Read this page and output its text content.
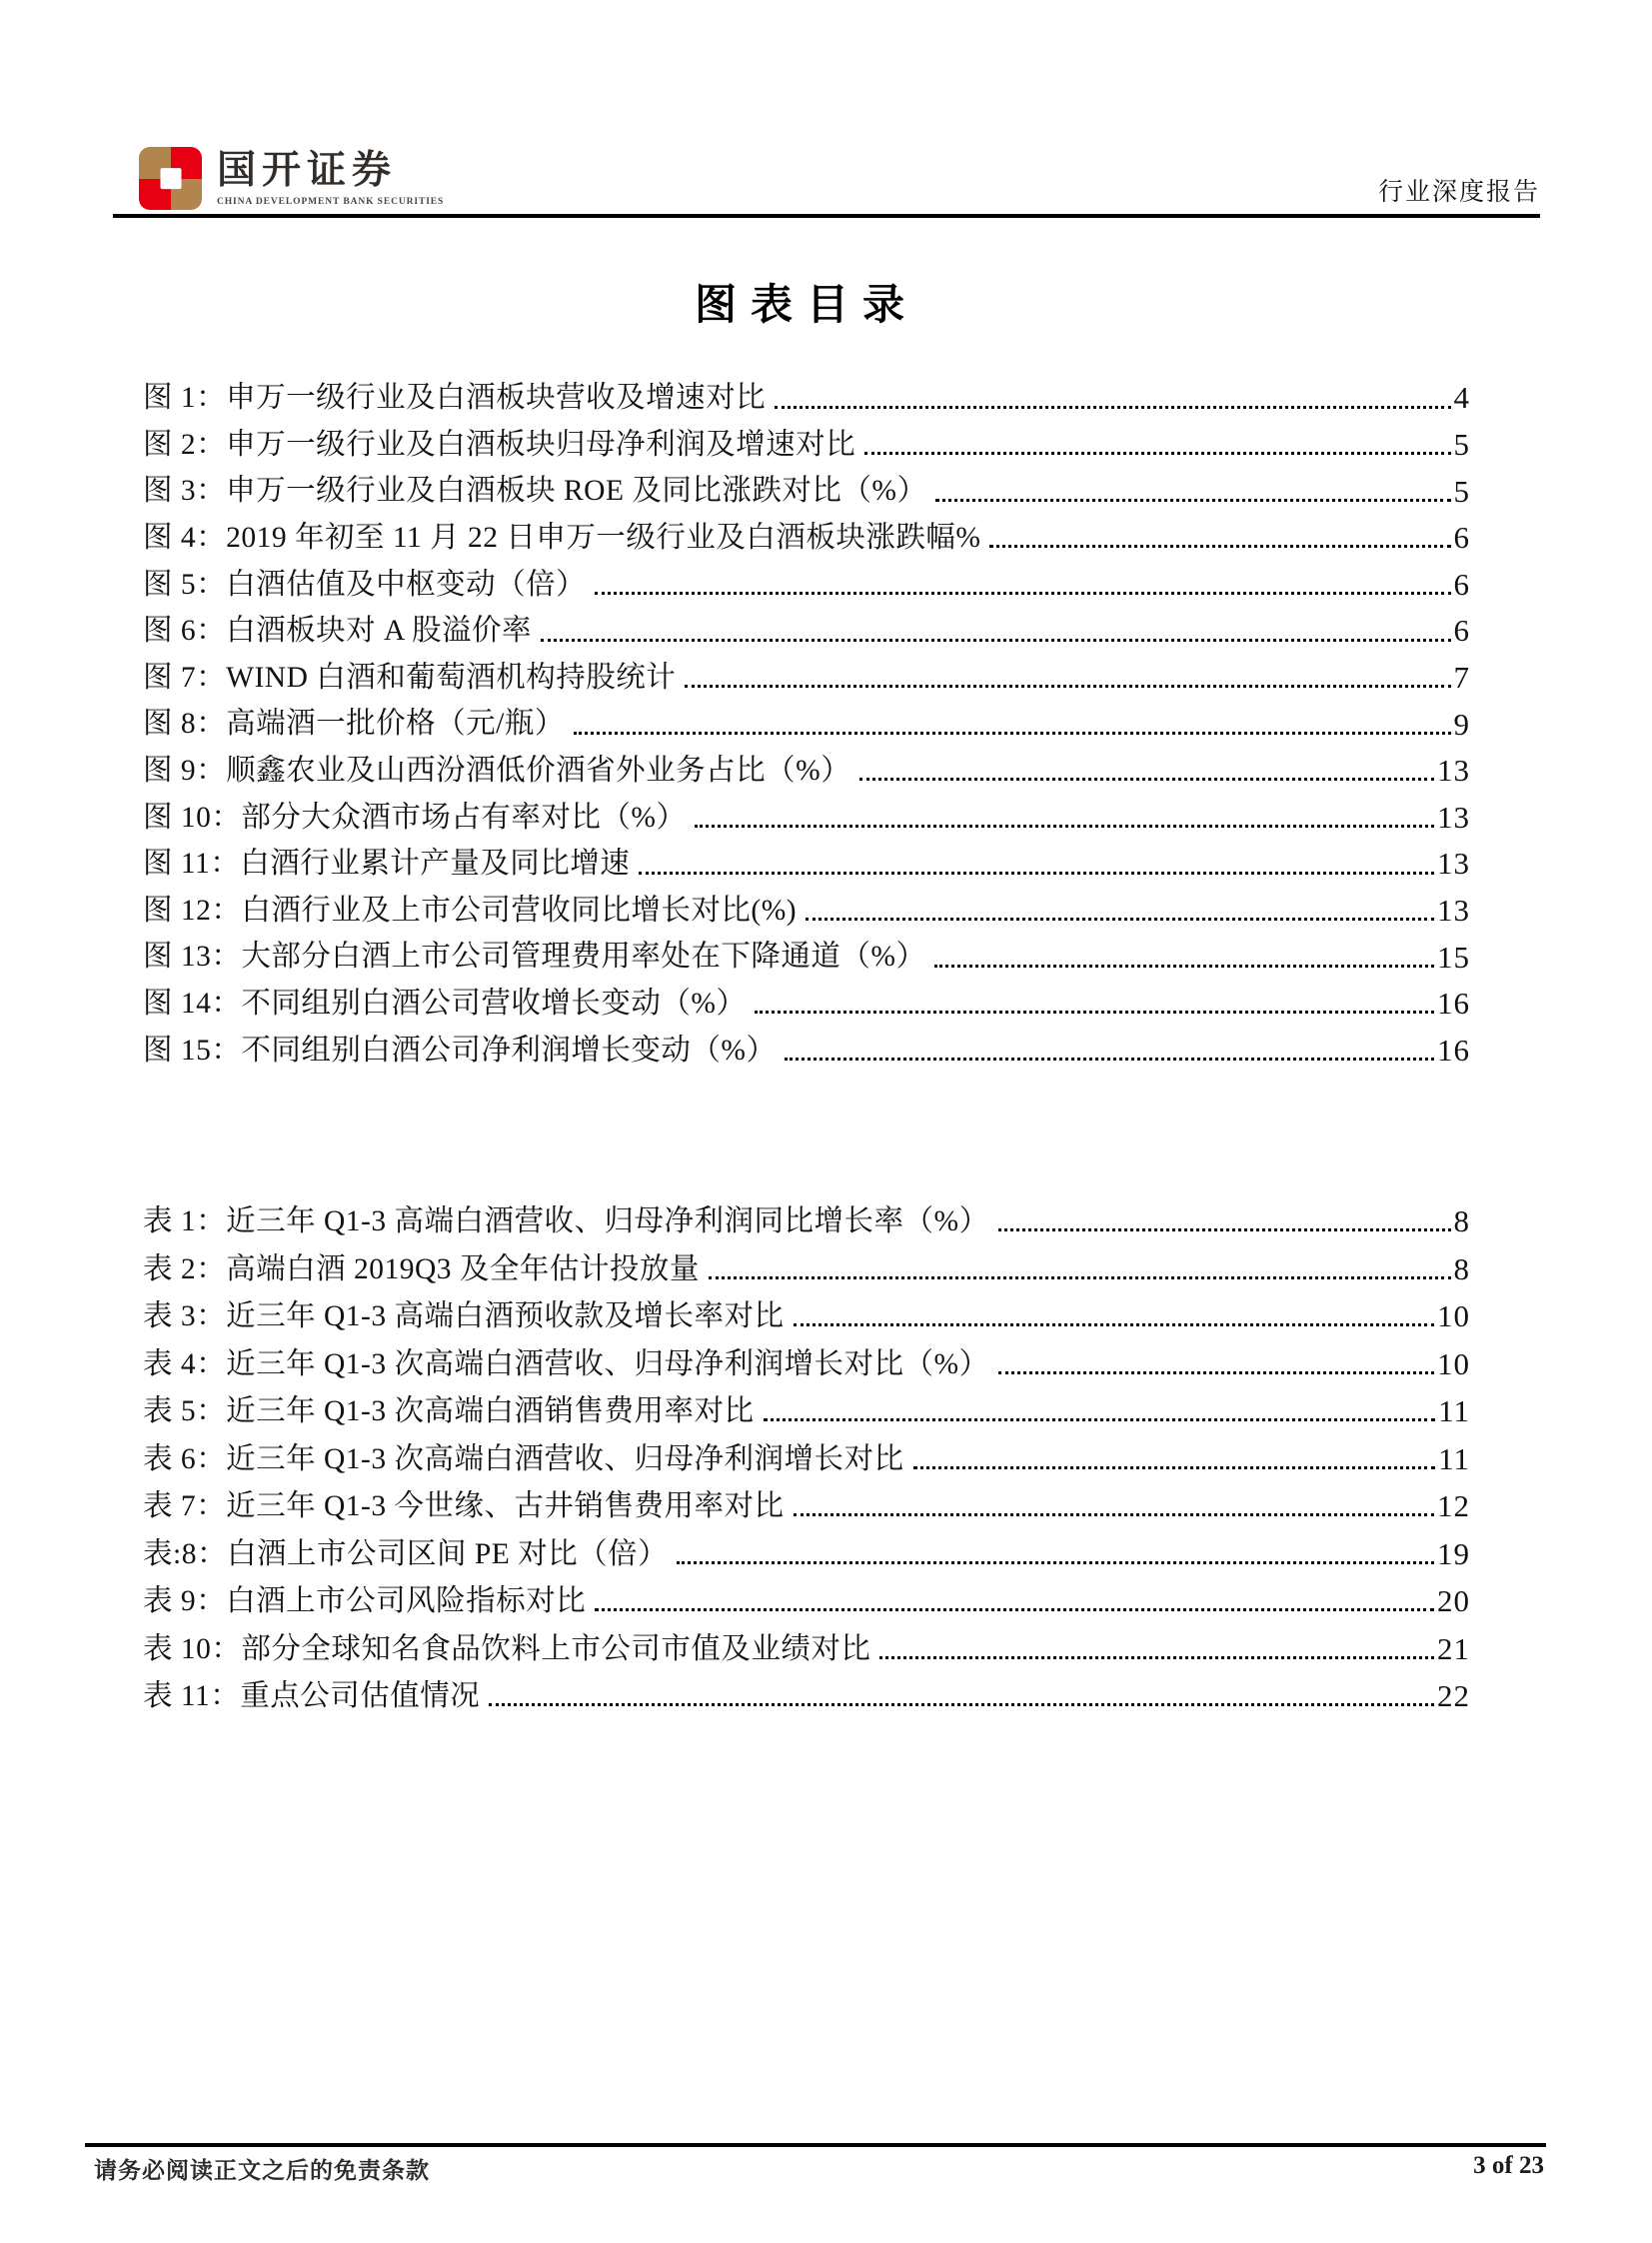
国开证券
CHINA DEVELOPMENT BANK SECURITIES	行业深度报告
图表目录
图 1：申万一级行业及白酒板块营收及增速对比	4
图 2：申万一级行业及白酒板块归母净利润及增速对比	5
图 3：申万一级行业及白酒板块 ROE 及同比涨跌对比（%）	5
图 4：2019 年初至 11 月 22 日申万一级行业及白酒板块涨跌幅%	6
图 5：白酒估值及中枢变动（倍）	6
图 6：白酒板块对 A 股溢价率	6
图 7：WIND 白酒和葡萄酒机构持股统计	7
图 8：高端酒一批价格（元/瓶）	9
图 9：顺鑫农业及山西汾酒低价酒省外业务占比（%）	13
图 10：部分大众酒市场占有率对比（%）	13
图 11：白酒行业累计产量及同比增速	13
图 12：白酒行业及上市公司营收同比增长对比(%)	13
图 13：大部分白酒上市公司管理费用率处在下降通道（%）	15
图 14：不同组别白酒公司营收增长变动（%）	16
图 15：不同组别白酒公司净利润增长变动（%）	16
表 1：近三年 Q1-3 高端白酒营收、归母净利润同比增长率（%）	8
表 2：高端白酒 2019Q3 及全年估计投放量	8
表 3：近三年 Q1-3 高端白酒预收款及增长率对比	10
表 4：近三年 Q1-3 次高端白酒营收、归母净利润增长对比（%）	10
表 5：近三年 Q1-3 次高端白酒销售费用率对比	11
表 6：近三年 Q1-3 次高端白酒营收、归母净利润增长对比	11
表 7：近三年 Q1-3 今世缘、古井销售费用率对比	12
表:8：白酒上市公司区间 PE 对比（倍）	19
表 9：白酒上市公司风险指标对比	20
表 10：部分全球知名食品饮料上市公司市值及业绩对比	21
表 11：重点公司估值情况	22
请务必阅读正文之后的免责条款	3 of 23
